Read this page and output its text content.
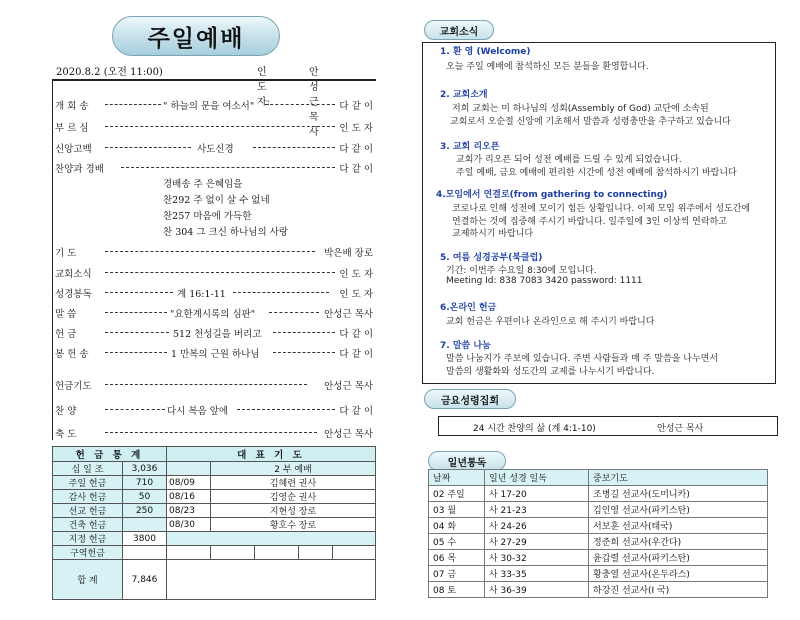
주일예배
2020.8.2 (오전 11:00)	인도자:
안성근 목사
개 회 송	" 하늘의 문을 여소서"	다 같 이
부 르 심	인 도 자
신앙고백	사도신경	다 같 이
찬양과 경배	다 같 이
경배송 주 은혜임을
찬292 주 없이 살 수 없네
찬257 마음에 가득한
찬 304 그 크신 하나님의 사랑
기 도	박은배 장로
교회소식	인 도 자
성경봉독	계 16:1-11	인 도 자
말 씀	"요한계시록의 심판"	안성근 목사
헌 금	512 천성길을 버리고	다 같 이
봉 헌 송	1 만복의 근원 하나님	다 같 이
헌금기도	안성근 목사
찬 양	다시 복음 앞에	다 같 이
축 도	안성근 목사
헌 금 통 계		대 표 기 도				
십 일 조	3,036		2 부 예배			
주일 헌금	710	08/09	김혜련 권사			
감사 헌금	50	08/16	김영순 권사			
선교 헌금	250	08/23	지현성 장로			
건축 헌금		08/30	황호수 장로			
지정 헌금	3800					
구역헌금						
합 계	7,846					
교회소식
1. 환 영 (Welcome)
오늘 주일 예배에 참석하신 모든 분들을 환영합니다.
2. 교회소개
저희 교회는 미 하나님의 성회(Assembly of God) 교단에 소속된
교회로서 오순절 신앙에 기초해서 말씀과 성령충만을 추구하고 있습니다
3. 교회 리오픈
교회가 리오픈 되어 성전 예배를 드릴 수 있게 되었습니다.
주일 예배, 금요 예배에 편리한 시간에 성전 예배에 참석하시기 바랍니다
4.모임에서 연결로(from gathering to connecting)
코로나로 인해 성전에 모이기 힘든 상황입니다. 이제 모임 위주에서 성도간에
연결하는 것에 집중해 주시기 바랍니다. 일주일에 3인 이상씩 연락하고
교제하시기 바랍니다
5. 여름 성경공부(북클럽)
기간: 이번주 수요일 8:30에 모입니다.
Meeting Id: 838 7083 3420 password: 1111
6.온라인 헌금
교회 헌금은 우편이나 온라인으로 해 주시기 바랍니다
7. 말씀 나눔
말씀 나눔지가 주보에 있습니다. 주변 사람들과 매 주 말씀을 나누면서
말씀의 생활화와 성도간의 교제를 나누시기 바랍니다.
금요성령집회
24 시간 찬양의 삶 (계 4:1-10)	안성근 목사
일년통독
날짜	일년 성경 일독	중보기도
02 주일	사 17-20	조병길 선교사(도미니카)
03 월	사 21-23	김인영 선교사(파키스탄)
04 화	사 24-26	서보훈 선교사(태국)
05 수	사 27-29	정준희 선교사(우간다)
06 목	사 30-32	윤갑렬 선교사(파키스탄)
07 금	사 33-35	황충열 선교사(온두라스)
08 토	사 36-39	하강진 선교사(I 국)
